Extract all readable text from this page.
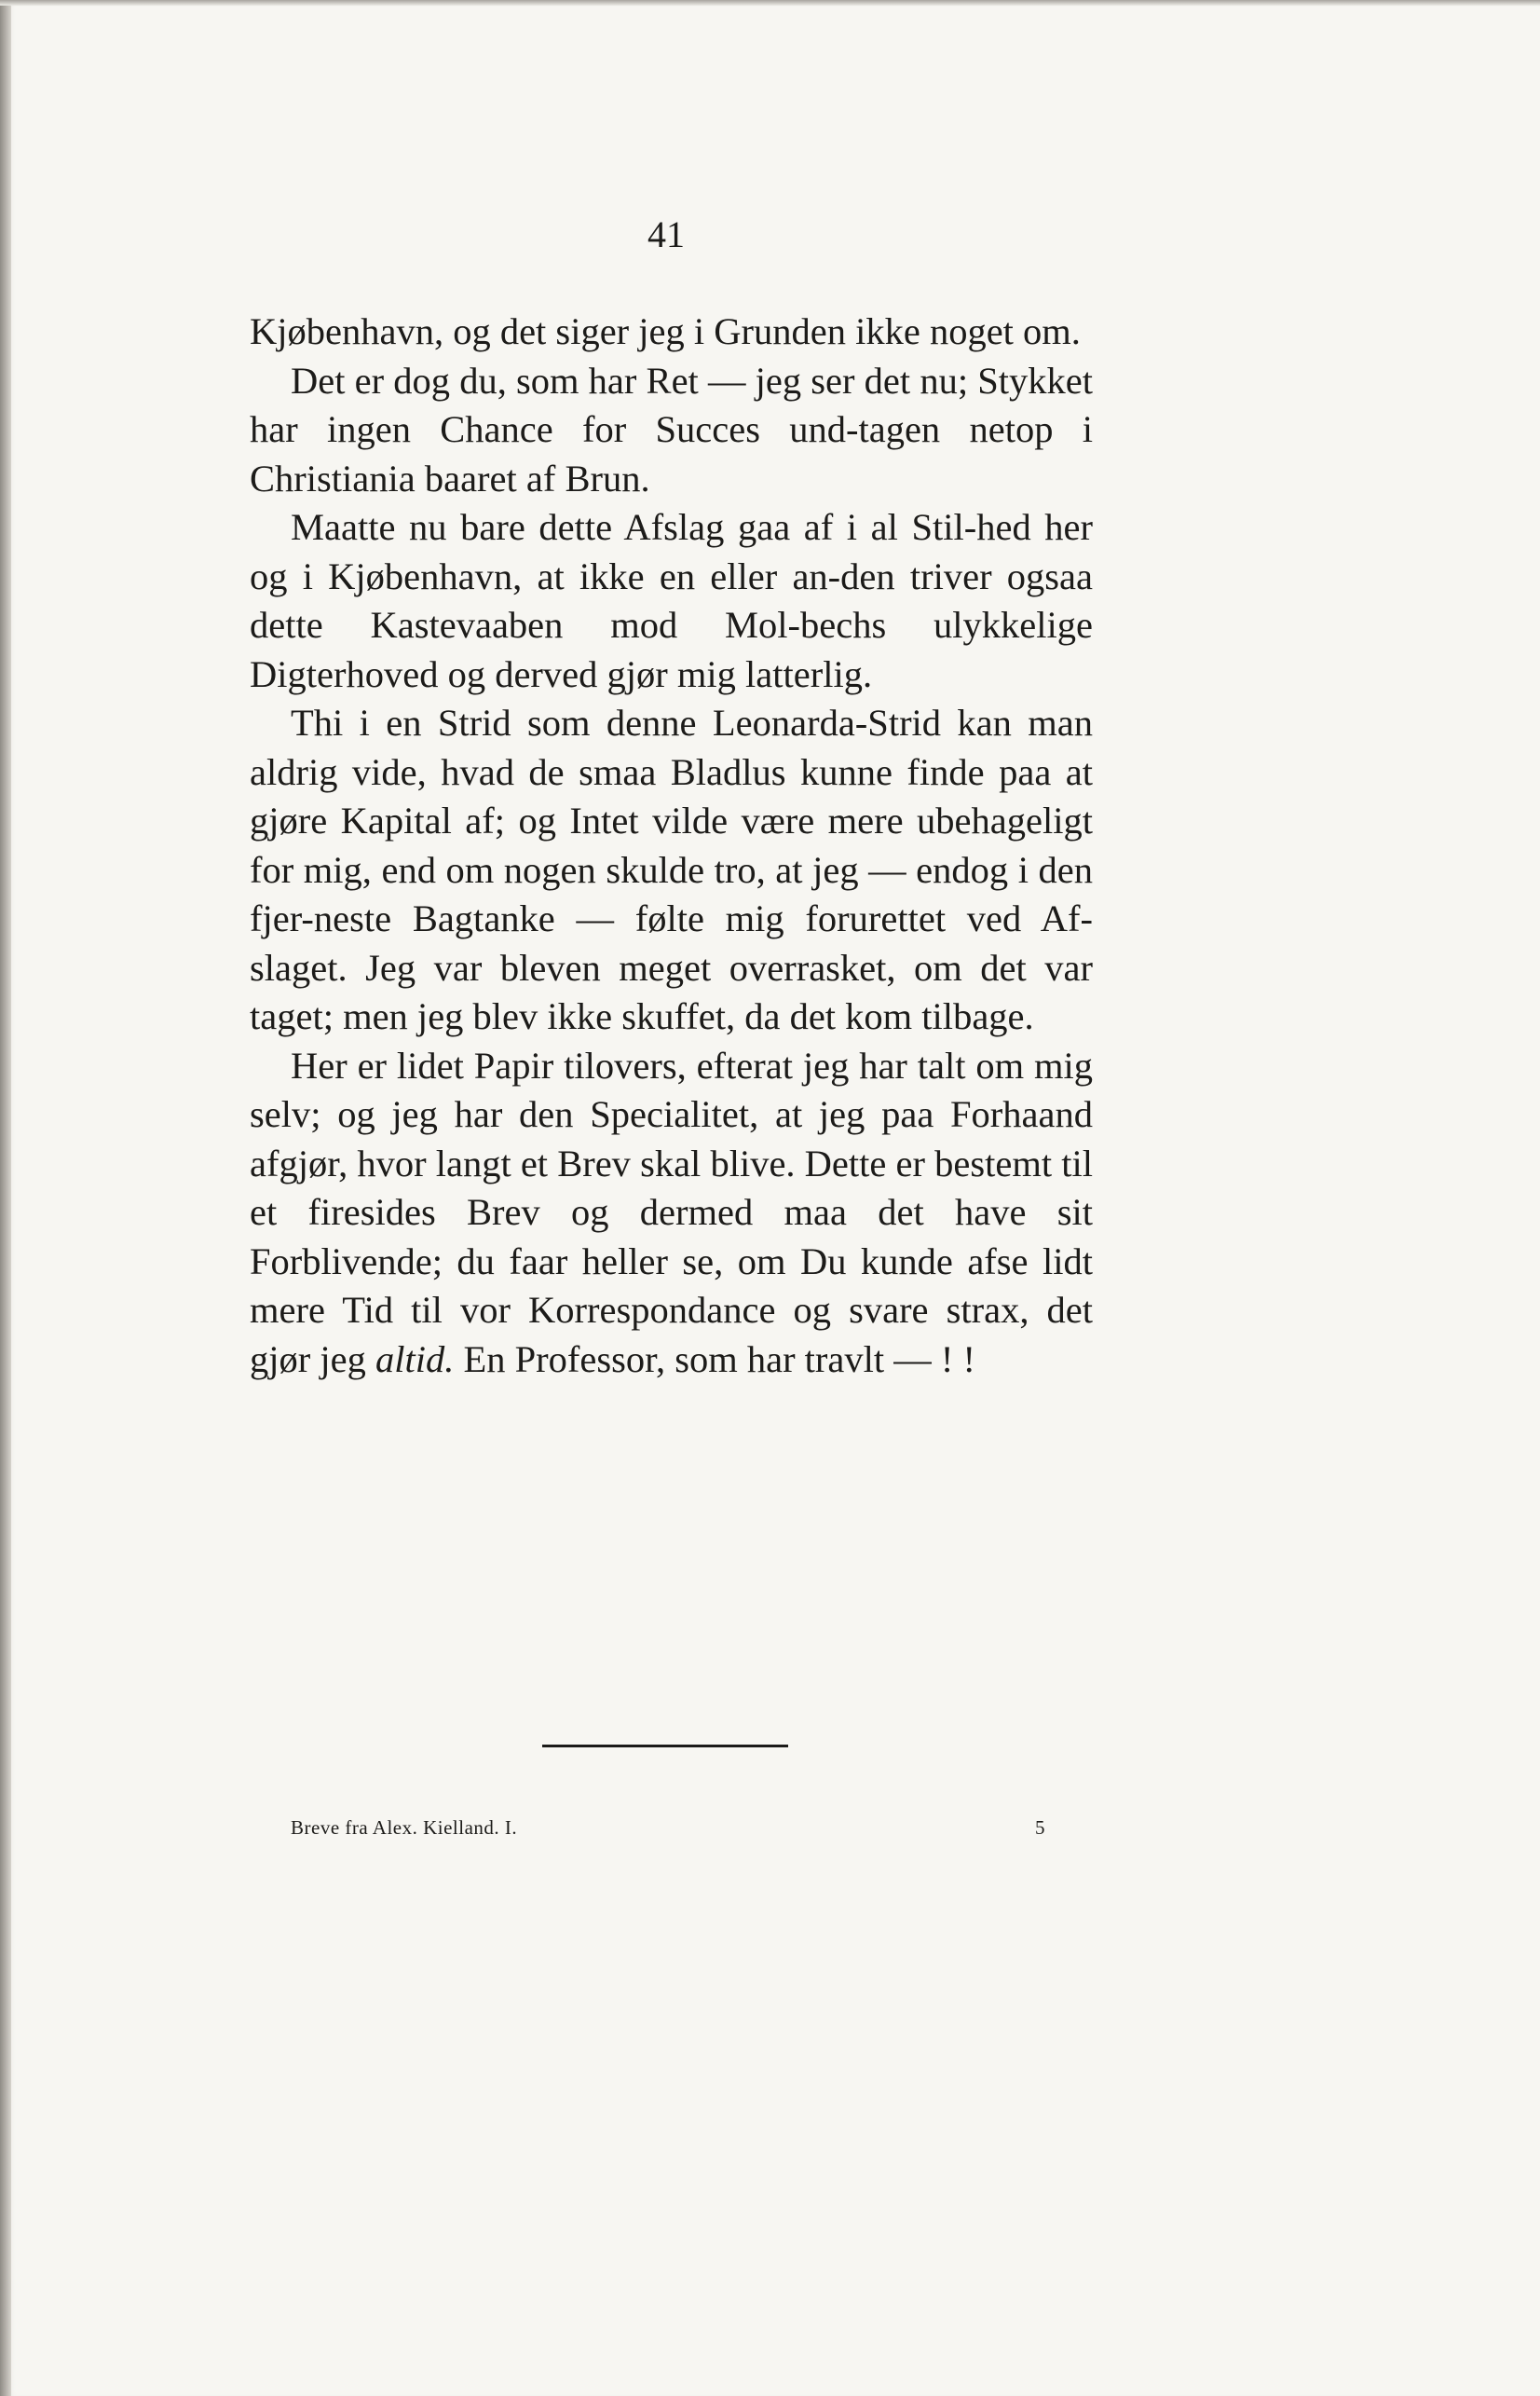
41

Kjøbenhavn, og det siger jeg i Grunden ikke noget om.

Det er dog du, som har Ret — jeg ser det nu; Stykket har ingen Chance for Succes und-tagen netop i Christiania baaret af Brun.

Maatte nu bare dette Afslag gaa af i al Stil-hed her og i Kjøbenhavn, at ikke en eller an-den triver ogsaa dette Kastevaaben mod Mol-bechs ulykkelige Digterhoved og derved gjør mig latterlig.

Thi i en Strid som denne Leonarda-Strid kan man aldrig vide, hvad de smaa Bladlus kunne finde paa at gjøre Kapital af; og Intet vilde være mere ubehageligt for mig, end om nogen skulde tro, at jeg — endog i den fjer-neste Bagtanke — følte mig forurettet ved Af-slaget. Jeg var bleven meget overrasket, om det var taget; men jeg blev ikke skuffet, da det kom tilbage.

Her er lidet Papir tilovers, efterat jeg har talt om mig selv; og jeg har den Specialitet, at jeg paa Forhaand afgjør, hvor langt et Brev skal blive. Dette er bestemt til et firesides Brev og dermed maa det have sit Forblivende; du faar heller se, om Du kunde afse lidt mere Tid til vor Korrespondance og svare strax, det gjør jeg altid. En Professor, som har travlt — ! !

Breve fra Alex. Kielland. I.	5
